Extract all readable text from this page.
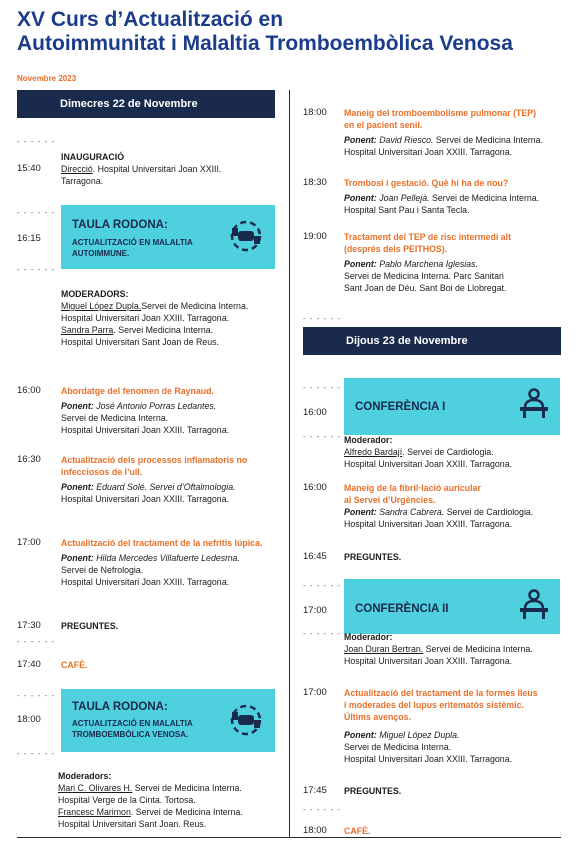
XV Curs d’Actualització en
Autoimmunitat i Malaltia Tromboembòlica Venosa
Novembre 2023
Dimecres 22 de Novembre
- - - - - -
15:40
INAUGURACIÓ
Direcció. Hospital Universitari Joan XXIII.
Tarragona.
- - - - - -
16:15
TAULA RODONA:
ACTUALITZACIÓ EN MALALTIA
AUTOIMMUNE.
- - - - - -
MODERADORS:
Miguel López Dupla.Servei de Medicina Interna.
Hospital Universitari Joan XXIII. Tarragona.
Sandra Parra. Servei Medicina Interna.
Hospital Universitari Sant Joan de Reus.
16:00 Abordatge del fenomen de Raynaud.
Ponent: José Antonio Porras Ledantes.
Servei de Medicina Interna.
Hospital Universitari Joan XXIII. Tarragona.
16:30 Actualització dels processos inflamatoris no
infecciosos de l’ull.
Ponent: Eduard Solé. Servei d’Oftalmologia.
Hospital Universitari Joan XXIII. Tarragona.
17:00 Actualització del tractament de la nefritis lúpica.
Ponent: Hilda Mercedes Villafuerte Ledesma.
Servei de Nefrologia.
Hospital Universitari Joan XXIII. Tarragona.
17:30 PREGUNTES.
- - - - - -
17:40 CAFÈ.
- - - - - -
18:00
TAULA RODONA:
ACTUALITZACIÓ EN MALALTIA
TROMBOEMBÒLICA VENOSA.
- - - - - -
Moderadors:
Mari C. Olivares H. Servei de Medicina Interna.
Hospital Verge de la Cinta. Tortosa.
Francesc Marimon. Servei de Medicina Interna.
Hospital Universitari Sant Joan. Reus.
18:00 Maneig del tromboembolisme pulmonar (TEP)
en el pacient senil.
Ponent: David Riesco. Servei de Medicina Interna.
Hospital Universitari Joan XXIII. Tarragona.
18:30 Trombosi i gestació. Què hi ha de nou?
Ponent: Joan Pellejà. Servei de Medicina Interna.
Hospital Sant Pau i Santa Tecla.
19:00 Tractament del TEP de risc intermedi alt
(després dels PEITHOS).
Ponent: Pablo Marchena Iglesias.
Servei de Medicina Interna. Parc Sanitari
Sant Joan de Déu. Sant Boi de Llobregat.
- - - - - -
Dijous 23 de Novembre
- - - - - -
16:00 CONFERÈNCIA I
- - - - - - Moderador:
Alfredo Bardají. Servei de Cardiologia.
Hospital Universitari Joan XXIII. Tarragona.
16:00 Maneig de la fibril·lació auricular
al Servei d’Urgències.
Ponent: Sandra Cabrera. Servei de Cardiologia.
Hospital Universitari Joan XXIII. Tarragona.
16:45 PREGUNTES.
- - - - - -
17:00 CONFERÈNCIA II
- - - - - - Moderador:
Joan Duran Bertran. Servei de Medicina Interna.
Hospital Universitari Joan XXIII. Tarragona.
17:00 Actualització del tractament de la formes lleus
i moderades del lupus eritematós sistèmic.
Últims avenços.
Ponent: Miguel López Dupla.
Servei de Medicina Interna.
Hospital Universitari Joan XXIII. Tarragona.
17:45 PREGUNTES.
- - - - - -
18:00 CAFÈ.
